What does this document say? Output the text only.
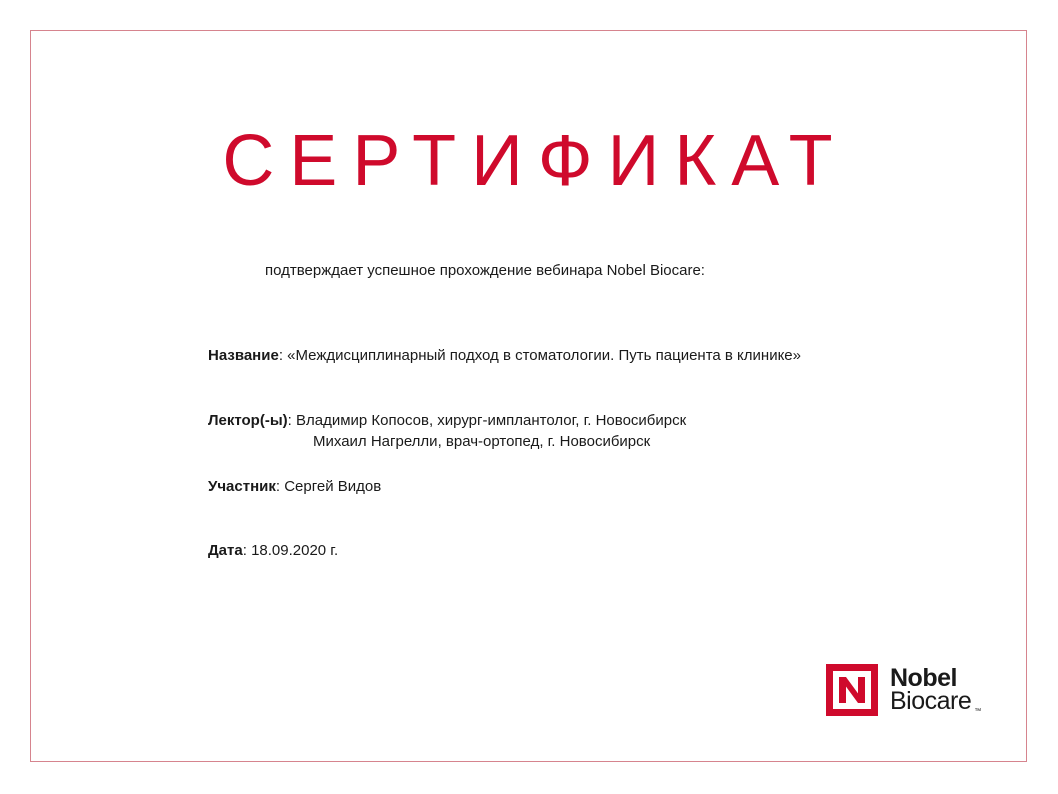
СЕРТИФИКАТ
подтверждает успешное прохождение вебинара Nobel Biocare:
Название: «Междисциплинарный подход в стоматологии. Путь пациента в клинике»
Лектор(-ы): Владимир Копосов, хирург-имплантолог, г. Новосибирск
Михаил Нагрелли, врач-ортопед, г. Новосибирск
Участник: Сергей Видов
Дата: 18.09.2020 г.
Nobel
Biocare ™
